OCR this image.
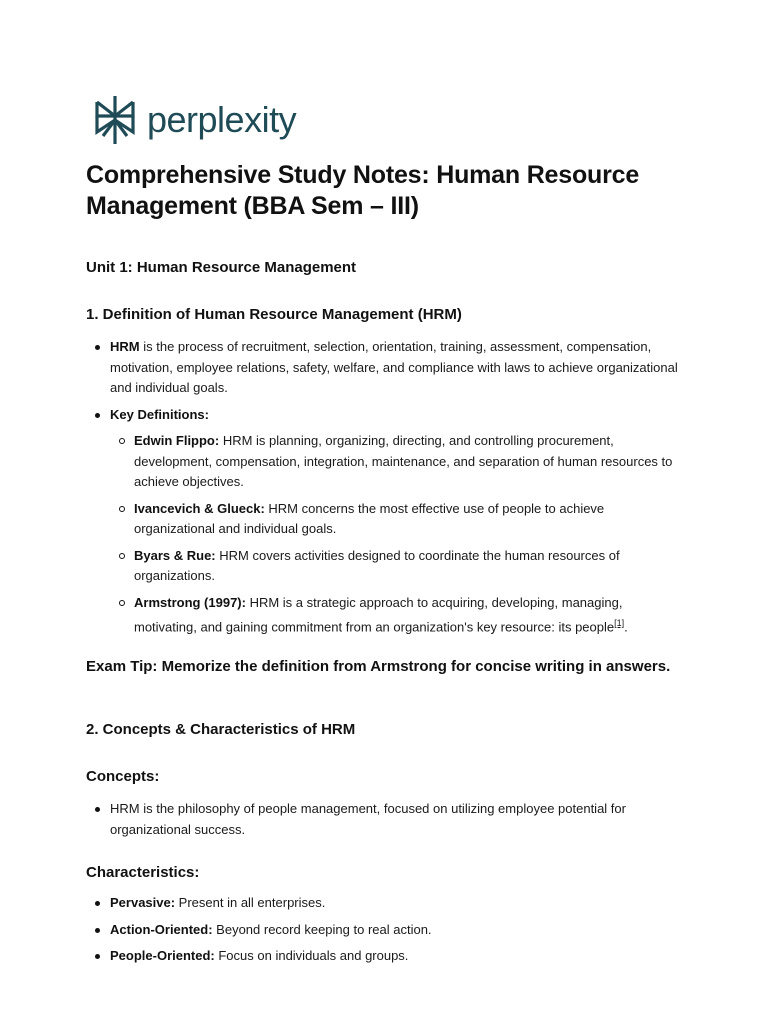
perplexity
Comprehensive Study Notes: Human Resource Management (BBA Sem – III)
Unit 1: Human Resource Management
1. Definition of Human Resource Management (HRM)
HRM is the process of recruitment, selection, orientation, training, assessment, compensation, motivation, employee relations, safety, welfare, and compliance with laws to achieve organizational and individual goals.
Key Definitions:
Edwin Flippo: HRM is planning, organizing, directing, and controlling procurement, development, compensation, integration, maintenance, and separation of human resources to achieve objectives.
Ivancevich & Glueck: HRM concerns the most effective use of people to achieve organizational and individual goals.
Byars & Rue: HRM covers activities designed to coordinate the human resources of organizations.
Armstrong (1997): HRM is a strategic approach to acquiring, developing, managing, motivating, and gaining commitment from an organization's key resource: its people[1].

Exam Tip: Memorize the definition from Armstrong for concise writing in answers.

2. Concepts & Characteristics of HRM
Concepts:
HRM is the philosophy of people management, focused on utilizing employee potential for organizational success.
Characteristics:
Pervasive: Present in all enterprises.
Action-Oriented: Beyond record keeping to real action.
People-Oriented: Focus on individuals and groups.
